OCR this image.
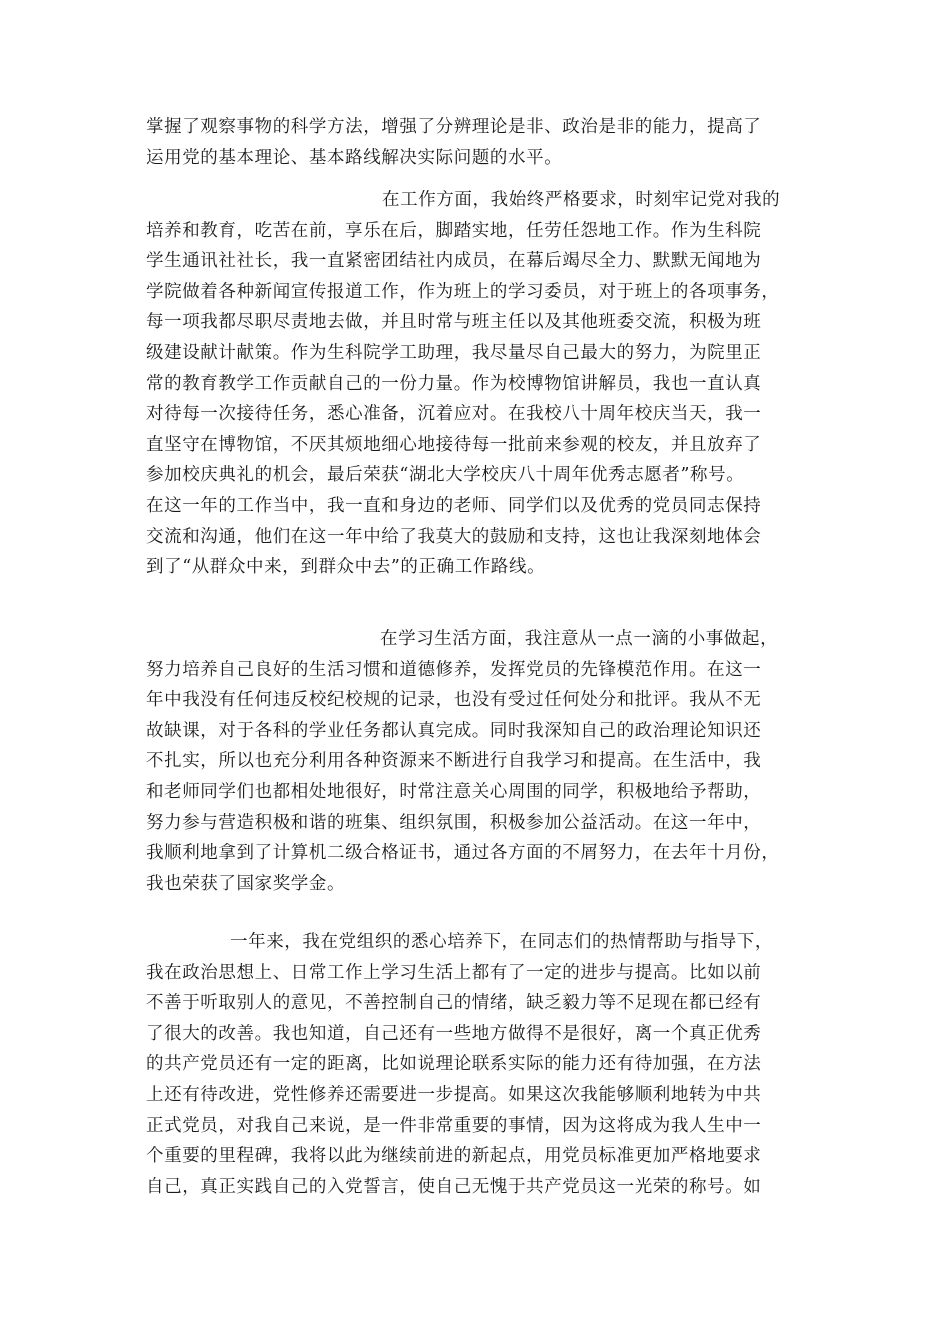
掌握了观察事物的科学方法，增强了分辨理论是非、政治是非的能力，提高了
运用党的基本理论、基本路线解决实际问题的水平。

在工作方面，我始终严格要求，时刻牢记党对我的
培养和教育，吃苦在前，享乐在后，脚踏实地，任劳任怨地工作。作为生科院
学生通讯社社长，我一直紧密团结社内成员，在幕后竭尽全力、默默无闻地为
学院做着各种新闻宣传报道工作，作为班上的学习委员，对于班上的各项事务，
每一项我都尽职尽责地去做，并且时常与班主任以及其他班委交流，积极为班
级建设献计献策。作为生科院学工助理，我尽量尽自己最大的努力，为院里正
常的教育教学工作贡献自己的一份力量。作为校博物馆讲解员，我也一直认真
对待每一次接待任务，悉心准备，沉着应对。在我校八十周年校庆当天，我一
直坚守在博物馆，不厌其烦地细心地接待每一批前来参观的校友，并且放弃了
参加校庆典礼的机会，最后荣获“湖北大学校庆八十周年优秀志愿者”称号。
在这一年的工作当中，我一直和身边的老师、同学们以及优秀的党员同志保持
交流和沟通，他们在这一年中给了我莫大的鼓励和支持，这也让我深刻地体会
到了“从群众中来，到群众中去”的正确工作路线。

在学习生活方面，我注意从一点一滴的小事做起，
努力培养自己良好的生活习惯和道德修养，发挥党员的先锋模范作用。在这一
年中我没有任何违反校纪校规的记录，也没有受过任何处分和批评。我从不无
故缺课，对于各科的学业任务都认真完成。同时我深知自己的政治理论知识还
不扎实，所以也充分利用各种资源来不断进行自我学习和提高。在生活中，我
和老师同学们也都相处地很好，时常注意关心周围的同学，积极地给予帮助，
努力参与营造积极和谐的班集、组织氛围，积极参加公益活动。在这一年中，
我顺利地拿到了计算机二级合格证书，通过各方面的不屑努力，在去年十月份，
我也荣获了国家奖学金。

一年来，我在党组织的悉心培养下，在同志们的热情帮助与指导下，
我在政治思想上、日常工作上学习生活上都有了一定的进步与提高。比如以前
不善于听取别人的意见，不善控制自己的情绪，缺乏毅力等不足现在都已经有
了很大的改善。我也知道，自己还有一些地方做得不是很好，离一个真正优秀
的共产党员还有一定的距离，比如说理论联系实际的能力还有待加强，在方法
上还有待改进，党性修养还需要进一步提高。如果这次我能够顺利地转为中共
正式党员，对我自己来说，是一件非常重要的事情，因为这将成为我人生中一
个重要的里程碑，我将以此为继续前进的新起点，用党员标准更加严格地要求
自己，真正实践自己的入党誓言，使自己无愧于共产党员这一光荣的称号。如
